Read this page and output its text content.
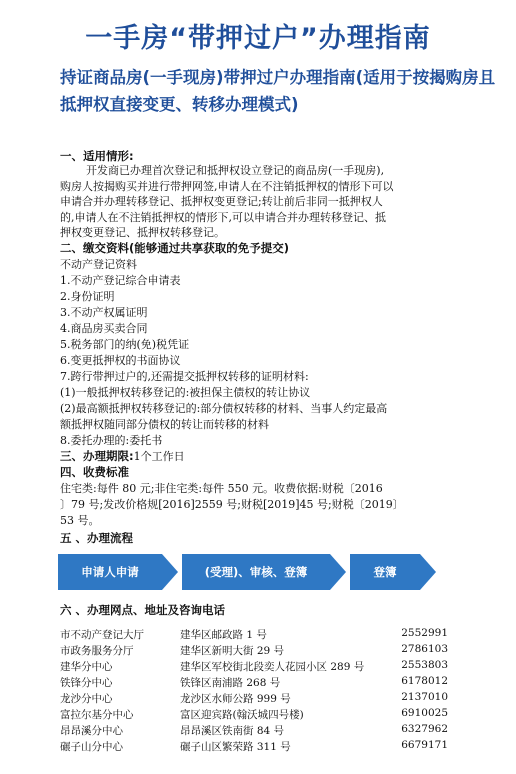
一手房“带押过户”办理指南
持证商品房(一手现房)带押过户办理指南(适用于按揭购房且抵押权直接变更、转移办理模式)
一、适用情形:
开发商已办理首次登记和抵押权设立登记的商品房(一手现房),
购房人按揭购买并进行带押网签,申请人在不注销抵押权的情形下可以
申请合并办理转移登记、抵押权变更登记;转让前后非同一抵押权人
的,申请人在不注销抵押权的情形下,可以申请合并办理转移登记、抵
押权变更登记、抵押权转移登记。
二、缴交资料(能够通过共享获取的免予提交)
不动产登记资料
1.不动产登记综合申请表
2.身份证明
3.不动产权属证明
4.商品房买卖合同
5.税务部门的纳(免)税凭证
6.变更抵押权的书面协议
7.跨行带押过户的,还需提交抵押权转移的证明材料:
(1)一般抵押权转移登记的:被担保主债权的转让协议
(2)最高额抵押权转移登记的:部分债权转移的材料、当事人约定最高
额抵押权随同部分债权的转让而转移的材料
8.委托办理的:委托书
三、办理期限:1个工作日
四、收费标准
住宅类:每件 80 元;非住宅类:每件 550 元。收费依据:财税〔2016
〕79 号;发改价格规[2016]2559 号;财税[2019]45 号;财税〔2019〕
53 号。
五 、办理流程
申请人申请	(受理)、审核、登簿	登簿
六 、办理网点、地址及咨询电话
市不动产登记大厅	建华区邮政路 1 号	2552991
市政务服务分厅	建华区新明大街 29 号	2786103
建华分中心	建华区军校街北段奕人花园小区 289 号	2553803
铁锋分中心	铁锋区南浦路 268 号	6178012
龙沙分中心	龙沙区水师公路 999 号	2137010
富拉尔基分中心	富区迎宾路(翰沃城四号楼)	6910025
昂昂溪分中心	昂昂溪区铁南街 84 号	6327962
碾子山分中心	碾子山区繁荣路 311 号	6679171
